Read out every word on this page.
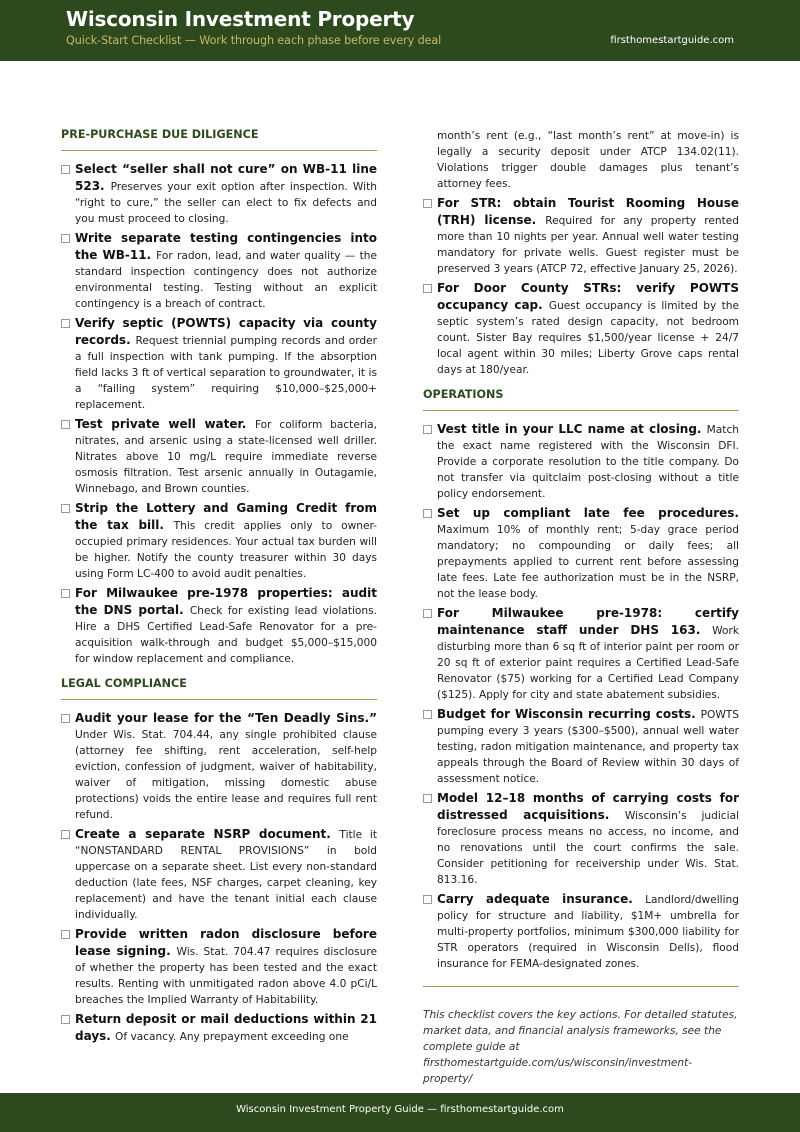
Wisconsin Investment Property
Quick-Start Checklist — Work through each phase before every deal	firsthomestartguide.com
PRE-PURCHASE DUE DILIGENCE
Select “seller shall not cure” on WB-11 line 523. Preserves your exit option after inspection. With “right to cure,” the seller can elect to fix defects and you must proceed to closing.
Write separate testing contingencies into the WB-11. For radon, lead, and water quality — the standard inspection contingency does not authorize environmental testing. Testing without an explicit contingency is a breach of contract.
Verify septic (POWTS) capacity via county records. Request triennial pumping records and order a full inspection with tank pumping. If the absorption field lacks 3 ft of vertical separation to groundwater, it is a “failing system” requiring $10,000–$25,000+ replacement.
Test private well water. For coliform bacteria, nitrates, and arsenic using a state-licensed well driller. Nitrates above 10 mg/L require immediate reverse osmosis filtration. Test arsenic annually in Outagamie, Winnebago, and Brown counties.
Strip the Lottery and Gaming Credit from the tax bill. This credit applies only to owner-occupied primary residences. Your actual tax burden will be higher. Notify the county treasurer within 30 days using Form LC-400 to avoid audit penalties.
For Milwaukee pre-1978 properties: audit the DNS portal. Check for existing lead violations. Hire a DHS Certified Lead-Safe Renovator for a pre-acquisition walk-through and budget $5,000–$15,000 for window replacement and compliance.
LEGAL COMPLIANCE
Audit your lease for the “Ten Deadly Sins.” Under Wis. Stat. 704.44, any single prohibited clause (attorney fee shifting, rent acceleration, self-help eviction, confession of judgment, waiver of habitability, waiver of mitigation, missing domestic abuse protections) voids the entire lease and requires full rent refund.
Create a separate NSRP document. Title it “NONSTANDARD RENTAL PROVISIONS” in bold uppercase on a separate sheet. List every non-standard deduction (late fees, NSF charges, carpet cleaning, key replacement) and have the tenant initial each clause individually.
Provide written radon disclosure before lease signing. Wis. Stat. 704.47 requires disclosure of whether the property has been tested and the exact results. Renting with unmitigated radon above 4.0 pCi/L breaches the Implied Warranty of Habitability.
Return deposit or mail deductions within 21 days. Of vacancy. Any prepayment exceeding one
month’s rent (e.g., “last month’s rent” at move-in) is legally a security deposit under ATCP 134.02(11). Violations trigger double damages plus tenant’s attorney fees.
For STR: obtain Tourist Rooming House (TRH) license. Required for any property rented more than 10 nights per year. Annual well water testing mandatory for private wells. Guest register must be preserved 3 years (ATCP 72, effective January 25, 2026).
For Door County STRs: verify POWTS occupancy cap. Guest occupancy is limited by the septic system’s rated design capacity, not bedroom count. Sister Bay requires $1,500/year license + 24/7 local agent within 30 miles; Liberty Grove caps rental days at 180/year.
OPERATIONS
Vest title in your LLC name at closing. Match the exact name registered with the Wisconsin DFI. Provide a corporate resolution to the title company. Do not transfer via quitclaim post-closing without a title policy endorsement.
Set up compliant late fee procedures. Maximum 10% of monthly rent; 5-day grace period mandatory; no compounding or daily fees; all prepayments applied to current rent before assessing late fees. Late fee authorization must be in the NSRP, not the lease body.
For Milwaukee pre-1978: certify maintenance staff under DHS 163. Work disturbing more than 6 sq ft of interior paint per room or 20 sq ft of exterior paint requires a Certified Lead-Safe Renovator ($75) working for a Certified Lead Company ($125). Apply for city and state abatement subsidies.
Budget for Wisconsin recurring costs. POWTS pumping every 3 years ($300–$500), annual well water testing, radon mitigation maintenance, and property tax appeals through the Board of Review within 30 days of assessment notice.
Model 12–18 months of carrying costs for distressed acquisitions. Wisconsin’s judicial foreclosure process means no access, no income, and no renovations until the court confirms the sale. Consider petitioning for receivership under Wis. Stat. 813.16.
Carry adequate insurance. Landlord/dwelling policy for structure and liability, $1M+ umbrella for multi-property portfolios, minimum $300,000 liability for STR operators (required in Wisconsin Dells), flood insurance for FEMA-designated zones.
This checklist covers the key actions. For detailed statutes, market data, and financial analysis frameworks, see the complete guide at firsthomestartguide.com/us/wisconsin/investment-property/
Wisconsin Investment Property Guide — firsthomestartguide.com
